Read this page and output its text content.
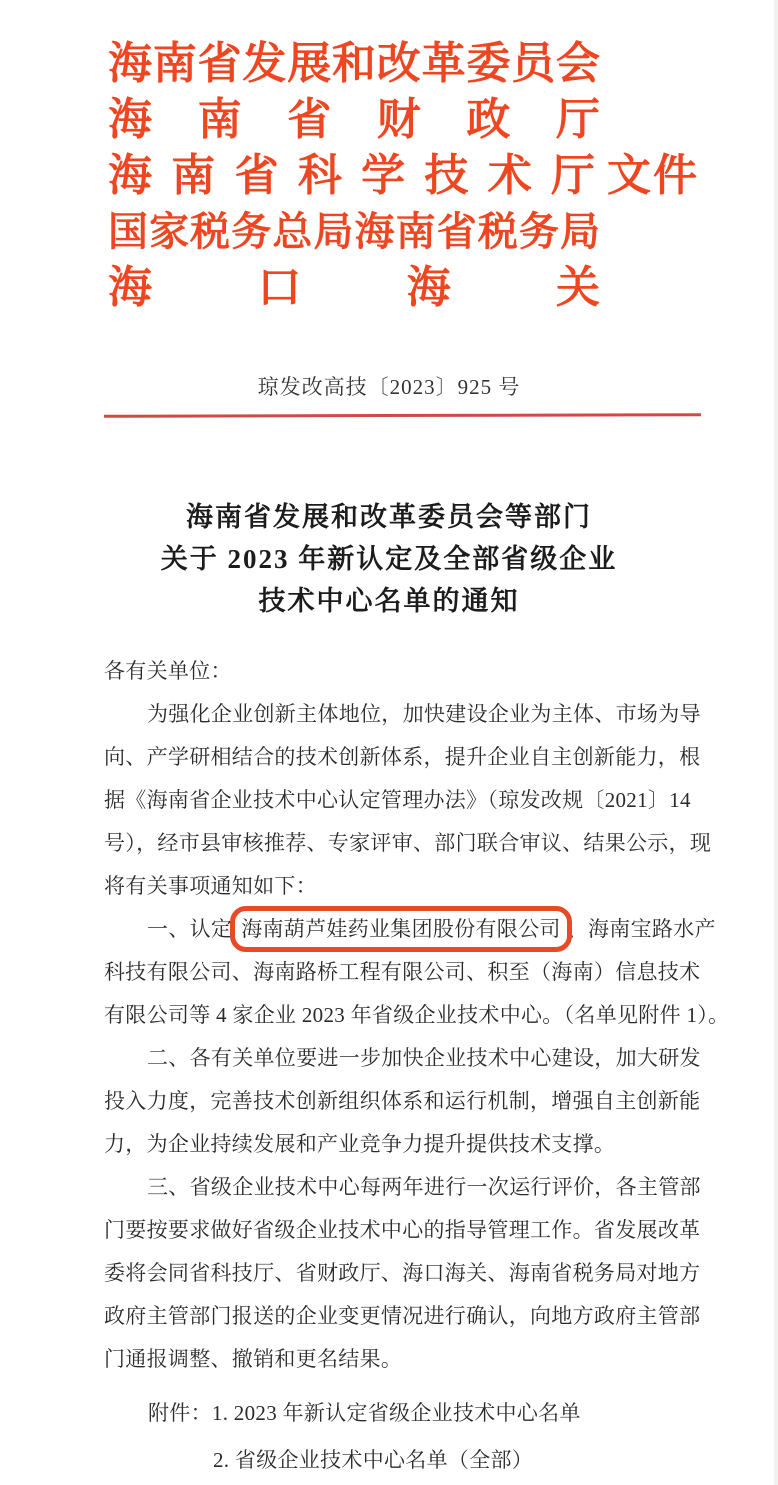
海南省发展和改革委员会
海南省财政厅
海南省科学技术厅 文件
国家税务总局海南省税务局
海口海关
琼发改高技〔2023〕925 号
海南省发展和改革委员会等部门
关于 2023 年新认定及全部省级企业
技术中心名单的通知
各有关单位：
为强化企业创新主体地位，加快建设企业为主体、市场为导
向、产学研相结合的技术创新体系，提升企业自主创新能力，根
据《海南省企业技术中心认定管理办法》（琼发改规〔2021〕14
号），经市县审核推荐、专家评审、部门联合审议、结果公示，现
将有关事项通知如下：
一、认定 海南葫芦娃药业集团股份有限公司 、海南宝路水产
科技有限公司、海南路桥工程有限公司、积至（海南）信息技术
有限公司等 4 家企业 2023 年省级企业技术中心。（名单见附件 1）。
二、各有关单位要进一步加快企业技术中心建设，加大研发
投入力度，完善技术创新组织体系和运行机制，增强自主创新能
力，为企业持续发展和产业竞争力提升提供技术支撑。
三、省级企业技术中心每两年进行一次运行评价，各主管部
门要按要求做好省级企业技术中心的指导管理工作。省发展改革
委将会同省科技厅、省财政厅、海口海关、海南省税务局对地方
政府主管部门报送的企业变更情况进行确认，向地方政府主管部
门通报调整、撤销和更名结果。
附件：1. 2023 年新认定省级企业技术中心名单
2. 省级企业技术中心名单（全部）
